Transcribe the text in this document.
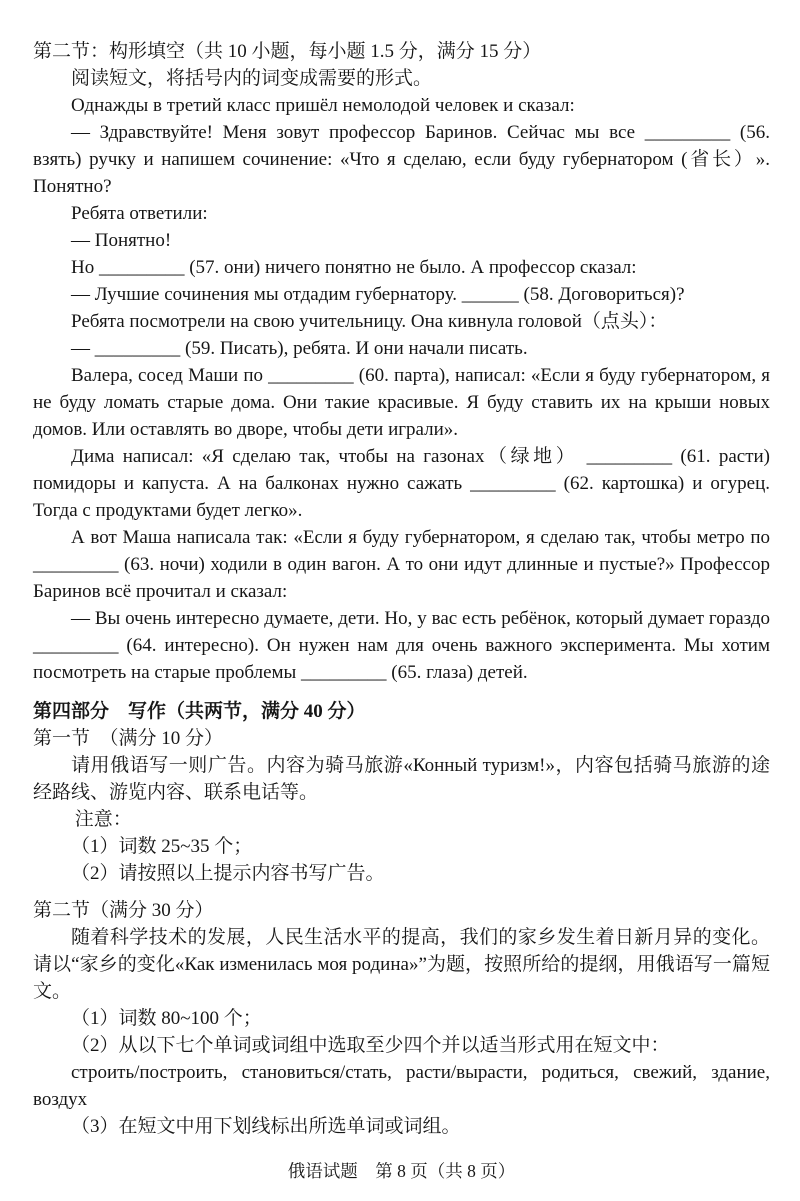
第二节：构形填空（共 10 小题，每小题 1.5 分，满分 15 分）

阅读短文，将括号内的词变成需要的形式。

Однажды в третий класс пришёл немолодой человек и сказал:

— Здравствуйте! Меня зовут профессор Баринов. Сейчас мы все _________ (56. взять) ручку и напишем сочинение: «Что я сделаю, если буду губернатором (省长）». Понятно?

Ребята ответили:

— Понятно!

Но _________ (57. они) ничего понятно не было. А профессор сказал:

— Лучшие сочинения мы отдадим губернатору. ______ (58. Договориться)?

Ребята посмотрели на свою учительницу. Она кивнула головой（点头）：

— _________ (59. Писать), ребята. И они начали писать.

Валера, сосед Маши по _________ (60. парта), написал: «Если я буду губернатором, я не буду ломать старые дома. Они такие красивые. Я буду ставить их на крыши новых домов. Или оставлять во дворе, чтобы дети играли».

Дима написал: «Я сделаю так, чтобы на газонах（绿地） _________ (61. расти) помидоры и капуста. А на балконах нужно сажать _________ (62. картошка) и огурец. Тогда с продуктами будет легко».

А вот Маша написала так: «Если я буду губернатором, я сделаю так, чтобы метро по _________ (63. ночи) ходили в один вагон. А то они идут длинные и пустые?» Профессор Баринов всё прочитал и сказал:

— Вы очень интересно думаете, дети. Но, у вас есть ребёнок, который думает гораздо _________ (64. интересно). Он нужен нам для очень важного эксперимента. Мы хотим посмотреть на старые проблемы _________ (65. глаза) детей.

第四部分　写作（共两节，满分 40 分）

第一节　（满分 10 分）

请用俄语写一则广告。内容为骑马旅游«Конный туризм!»，内容包括骑马旅游的途经路线、游览内容、联系电话等。

注意：

（1）词数 25~35 个；

（2）请按照以上提示内容书写广告。

第二节（满分 30 分）

随着科学技术的发展，人民生活水平的提高，我们的家乡发生着日新月异的变化。请以“家乡的变化«Как изменилась моя родина»”为题，按照所给的提纲，用俄语写一篇短文。

（1）词数 80~100 个；

（2）从以下七个单词或词组中选取至少四个并以适当形式用在短文中：

строить/построить, становиться/стать, расти/вырасти, родиться, свежий, здание, воздух

（3）在短文中用下划线标出所选单词或词组。

俄语试题　第 8 页（共 8 页）
